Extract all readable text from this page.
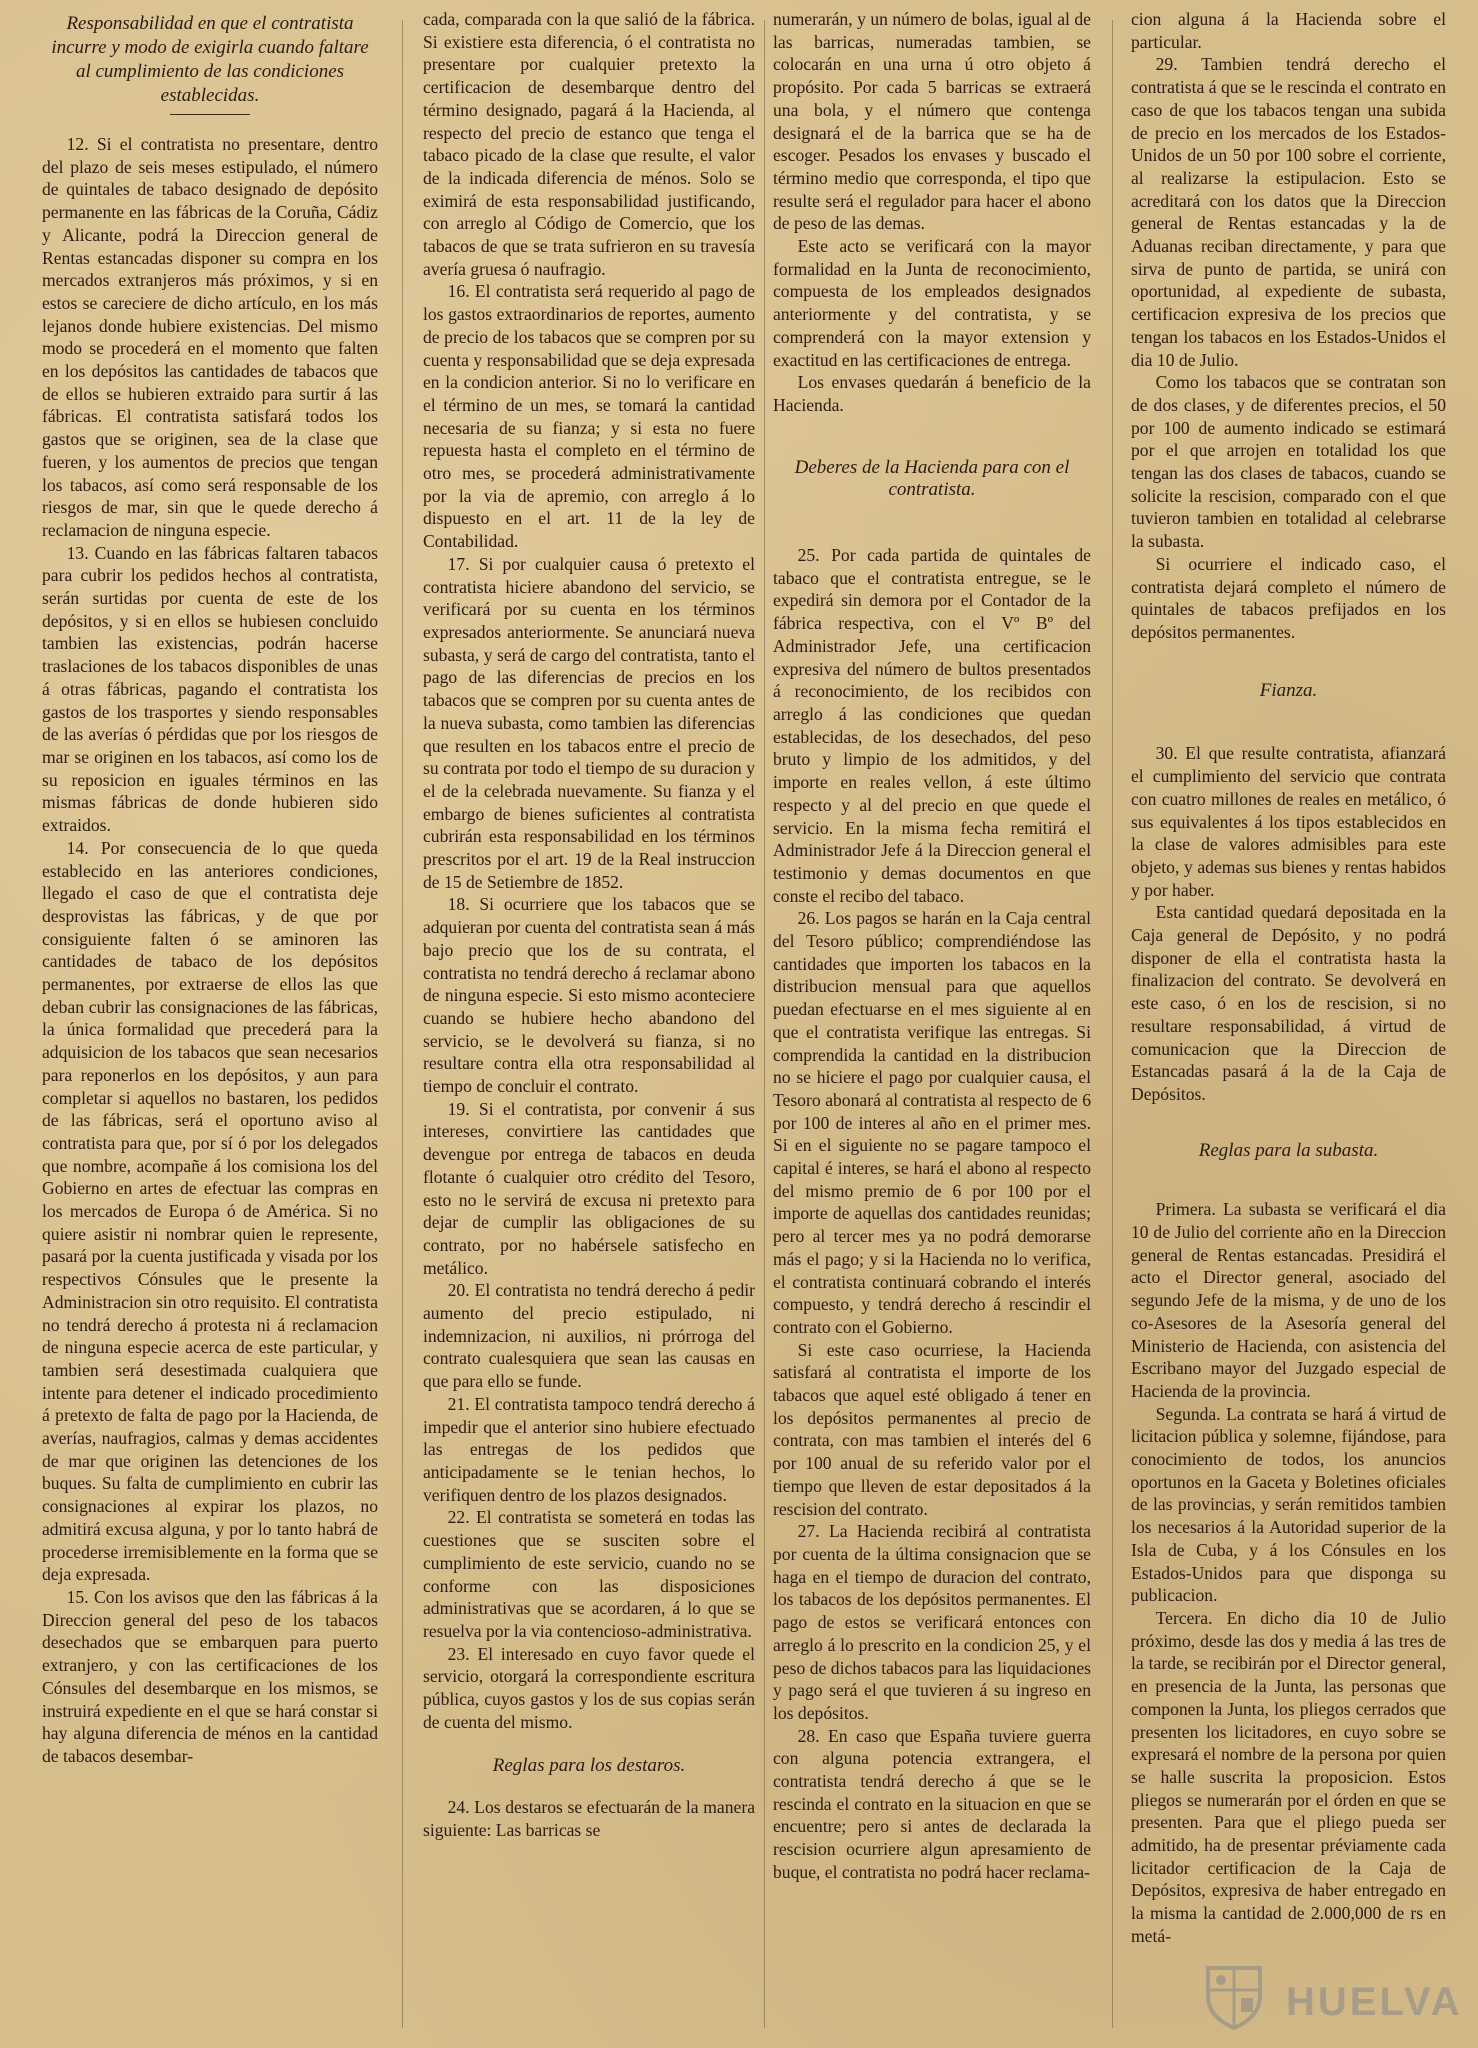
Responsabilidad en que el contratista incurre y modo de exigirla cuando faltare al cumplimiento de las condiciones establecidas.

12. Si el contratista no presentare, dentro del plazo de seis meses estipulado, el número de quintales de tabaco designado de depósito permanente en las fábricas de la Coruña, Cádiz y Alicante, podrá la Direccion general de Rentas estancadas disponer su compra en los mercados extranjeros más próximos, y si en estos se careciere de dicho artículo, en los más lejanos donde hubiere existencias. Del mismo modo se procederá en el momento que falten en los depósitos las cantidades de tabacos que de ellos se hubieren extraido para surtir á las fábricas. El contratista satisfará todos los gastos que se originen, sea de la clase que fueren, y los aumentos de precios que tengan los tabacos, así como será responsable de los riesgos de mar, sin que le quede derecho á reclamacion de ninguna especie.

13. Cuando en las fábricas faltaren tabacos para cubrir los pedidos hechos al contratista, serán surtidas por cuenta de este de los depósitos, y si en ellos se hubiesen concluido tambien las existencias, podrán hacerse traslaciones de los tabacos disponibles de unas á otras fábricas, pagando el contratista los gastos de los trasportes y siendo responsables de las averías ó pérdidas que por los riesgos de mar se originen en los tabacos, así como los de su reposicion en iguales términos en las mismas fábricas de donde hubieren sido extraidos.

14. Por consecuencia de lo que queda establecido en las anteriores condiciones, llegado el caso de que el contratista deje desprovistas las fábricas, y de que por consiguiente falten ó se aminoren las cantidades de tabaco de los depósitos permanentes, por extraerse de ellos las que deban cubrir las consignaciones de las fábricas, la única formalidad que precederá para la adquisicion de los tabacos que sean necesarios para reponerlos en los depósitos, y aun para completar si aquellos no bastaren, los pedidos de las fábricas, será el oportuno aviso al contratista para que, por sí ó por los delegados que nombre, acompañe á los comisiona los del Gobierno en artes de efectuar las compras en los mercados de Europa ó de América. Si no quiere asistir ni nombrar quien le represente, pasará por la cuenta justificada y visada por los respectivos Cónsules que le presente la Administracion sin otro requisito. El contratista no tendrá derecho á protesta ni á reclamacion de ninguna especie acerca de este particular, y tambien será desestimada cualquiera que intente para detener el indicado procedimiento á pretexto de falta de pago por la Hacienda, de averías, naufragios, calmas y demas accidentes de mar que originen las detenciones de los buques. Su falta de cumplimiento en cubrir las consignaciones al expirar los plazos, no admitirá excusa alguna, y por lo tanto habrá de procederse irremisiblemente en la forma que se deja expresada.

15. Con los avisos que den las fábricas á la Direccion general del peso de los tabacos desechados que se embarquen para puerto extranjero, y con las certificaciones de los Cónsules del desembarque en los mismos, se instruirá expediente en el que se hará constar si hay alguna diferencia de ménos en la cantidad de tabacos desembar-

cada, comparada con la que salió de la fábrica. Si existiere esta diferencia, ó el contratista no presentare por cualquier pretexto la certificacion de desembarque dentro del término designado, pagará á la Hacienda, al respecto del precio de estanco que tenga el tabaco picado de la clase que resulte, el valor de la indicada diferencia de ménos. Solo se eximirá de esta responsabilidad justificando, con arreglo al Código de Comercio, que los tabacos de que se trata sufrieron en su travesía avería gruesa ó naufragio.

16. El contratista será requerido al pago de los gastos extraordinarios de reportes, aumento de precio de los tabacos que se compren por su cuenta y responsabilidad que se deja expresada en la condicion anterior. Si no lo verificare en el término de un mes, se tomará la cantidad necesaria de su fianza; y si esta no fuere repuesta hasta el completo en el término de otro mes, se procederá administrativamente por la via de apremio, con arreglo á lo dispuesto en el art. 11 de la ley de Contabilidad.

17. Si por cualquier causa ó pretexto el contratista hiciere abandono del servicio, se verificará por su cuenta en los términos expresados anteriormente. Se anunciará nueva subasta, y será de cargo del contratista, tanto el pago de las diferencias de precios en los tabacos que se compren por su cuenta antes de la nueva subasta, como tambien las diferencias que resulten en los tabacos entre el precio de su contrata por todo el tiempo de su duracion y el de la celebrada nuevamente. Su fianza y el embargo de bienes suficientes al contratista cubrirán esta responsabilidad en los términos prescritos por el art. 19 de la Real instruccion de 15 de Setiembre de 1852.

18. Si ocurriere que los tabacos que se adquieran por cuenta del contratista sean á más bajo precio que los de su contrata, el contratista no tendrá derecho á reclamar abono de ninguna especie. Si esto mismo aconteciere cuando se hubiere hecho abandono del servicio, se le devolverá su fianza, si no resultare contra ella otra responsabilidad al tiempo de concluir el contrato.

19. Si el contratista, por convenir á sus intereses, convirtiere las cantidades que devengue por entrega de tabacos en deuda flotante ó cualquier otro crédito del Tesoro, esto no le servirá de excusa ni pretexto para dejar de cumplir las obligaciones de su contrato, por no habérsele satisfecho en metálico.

20. El contratista no tendrá derecho á pedir aumento del precio estipulado, ni indemnizacion, ni auxilios, ni prórroga del contrato cualesquiera que sean las causas en que para ello se funde.

21. El contratista tampoco tendrá derecho á impedir que el anterior sino hubiere efectuado las entregas de los pedidos que anticipadamente se le tenian hechos, lo verifiquen dentro de los plazos designados.

22. El contratista se someterá en todas las cuestiones que se susciten sobre el cumplimiento de este servicio, cuando no se conforme con las disposiciones administrativas que se acordaren, á lo que se resuelva por la via contencioso-administrativa.

23. El interesado en cuyo favor quede el servicio, otorgará la correspondiente escritura pública, cuyos gastos y los de sus copias serán de cuenta del mismo.

Reglas para los destaros.

24. Los destaros se efectuarán de la manera siguiente: Las barricas se

numerarán, y un número de bolas, igual al de las barricas, numeradas tambien, se colocarán en una urna ú otro objeto á propósito. Por cada 5 barricas se extraerá una bola, y el número que contenga designará el de la barrica que se ha de escoger. Pesados los envases y buscado el término medio que corresponda, el tipo que resulte será el regulador para hacer el abono de peso de las demas.

Este acto se verificará con la mayor formalidad en la Junta de reconocimiento, compuesta de los empleados designados anteriormente y del contratista, y se comprenderá con la mayor extension y exactitud en las certificaciones de entrega.

Los envases quedarán á beneficio de la Hacienda.

Deberes de la Hacienda para con el contratista.

25. Por cada partida de quintales de tabaco que el contratista entregue, se le expedirá sin demora por el Contador de la fábrica respectiva, con el Vº Bº del Administrador Jefe, una certificacion expresiva del número de bultos presentados á reconocimiento, de los recibidos con arreglo á las condiciones que quedan establecidas, de los desechados, del peso bruto y limpio de los admitidos, y del importe en reales vellon, á este último respecto y al del precio en que quede el servicio. En la misma fecha remitirá el Administrador Jefe á la Direccion general el testimonio y demas documentos en que conste el recibo del tabaco.

26. Los pagos se harán en la Caja central del Tesoro público; comprendiéndose las cantidades que importen los tabacos en la distribucion mensual para que aquellos puedan efectuarse en el mes siguiente al en que el contratista verifique las entregas. Si comprendida la cantidad en la distribucion no se hiciere el pago por cualquier causa, el Tesoro abonará al contratista al respecto de 6 por 100 de interes al año en el primer mes. Si en el siguiente no se pagare tampoco el capital é interes, se hará el abono al respecto del mismo premio de 6 por 100 por el importe de aquellas dos cantidades reunidas; pero al tercer mes ya no podrá demorarse más el pago; y si la Hacienda no lo verifica, el contratista continuará cobrando el interés compuesto, y tendrá derecho á rescindir el contrato con el Gobierno.

Si este caso ocurriese, la Hacienda satisfará al contratista el importe de los tabacos que aquel esté obligado á tener en los depósitos permanentes al precio de contrata, con mas tambien el interés del 6 por 100 anual de su referido valor por el tiempo que lleven de estar depositados á la rescision del contrato.

27. La Hacienda recibirá al contratista por cuenta de la última consignacion que se haga en el tiempo de duracion del contrato, los tabacos de los depósitos permanentes. El pago de estos se verificará entonces con arreglo á lo prescrito en la condicion 25, y el peso de dichos tabacos para las liquidaciones y pago será el que tuvieren á su ingreso en los depósitos.

28. En caso que España tuviere guerra con alguna potencia extrangera, el contratista tendrá derecho á que se le rescinda el contrato en la situacion en que se encuentre; pero si antes de declarada la rescision ocurriere algun apresamiento de buque, el contratista no podrá hacer reclama-

cion alguna á la Hacienda sobre el particular.

29. Tambien tendrá derecho el contratista á que se le rescinda el contrato en caso de que los tabacos tengan una subida de precio en los mercados de los Estados-Unidos de un 50 por 100 sobre el corriente, al realizarse la estipulacion. Esto se acreditará con los datos que la Direccion general de Rentas estancadas y la de Aduanas reciban directamente, y para que sirva de punto de partida, se unirá con oportunidad, al expediente de subasta, certificacion expresiva de los precios que tengan los tabacos en los Estados-Unidos el dia 10 de Julio.

Como los tabacos que se contratan son de dos clases, y de diferentes precios, el 50 por 100 de aumento indicado se estimará por el que arrojen en totalidad los que tengan las dos clases de tabacos, cuando se solicite la rescision, comparado con el que tuvieron tambien en totalidad al celebrarse la subasta.

Si ocurriere el indicado caso, el contratista dejará completo el número de quintales de tabacos prefijados en los depósitos permanentes.

Fianza.

30. El que resulte contratista, afianzará el cumplimiento del servicio que contrata con cuatro millones de reales en metálico, ó sus equivalentes á los tipos establecidos en la clase de valores admisibles para este objeto, y ademas sus bienes y rentas habidos y por haber.

Esta cantidad quedará depositada en la Caja general de Depósito, y no podrá disponer de ella el contratista hasta la finalizacion del contrato. Se devolverá en este caso, ó en los de rescision, si no resultare responsabilidad, á virtud de comunicacion que la Direccion de Estancadas pasará á la de la Caja de Depósitos.

Reglas para la subasta.

Primera. La subasta se verificará el dia 10 de Julio del corriente año en la Direccion general de Rentas estancadas. Presidirá el acto el Director general, asociado del segundo Jefe de la misma, y de uno de los co-Asesores de la Asesoría general del Ministerio de Hacienda, con asistencia del Escribano mayor del Juzgado especial de Hacienda de la provincia.

Segunda. La contrata se hará á virtud de licitacion pública y solemne, fijándose, para conocimiento de todos, los anuncios oportunos en la Gaceta y Boletines oficiales de las provincias, y serán remitidos tambien los necesarios á la Autoridad superior de la Isla de Cuba, y á los Cónsules en los Estados-Unidos para que disponga su publicacion.

Tercera. En dicho dia 10 de Julio próximo, desde las dos y media á las tres de la tarde, se recibirán por el Director general, en presencia de la Junta, las personas que componen la Junta, los pliegos cerrados que presenten los licitadores, en cuyo sobre se expresará el nombre de la persona por quien se halle suscrita la proposicion. Estos pliegos se numerarán por el órden en que se presenten. Para que el pliego pueda ser admitido, ha de presentar préviamente cada licitador certificacion de la Caja de Depósitos, expresiva de haber entregado en la misma la cantidad de 2.000,000 de rs en metá-

HUELVA
